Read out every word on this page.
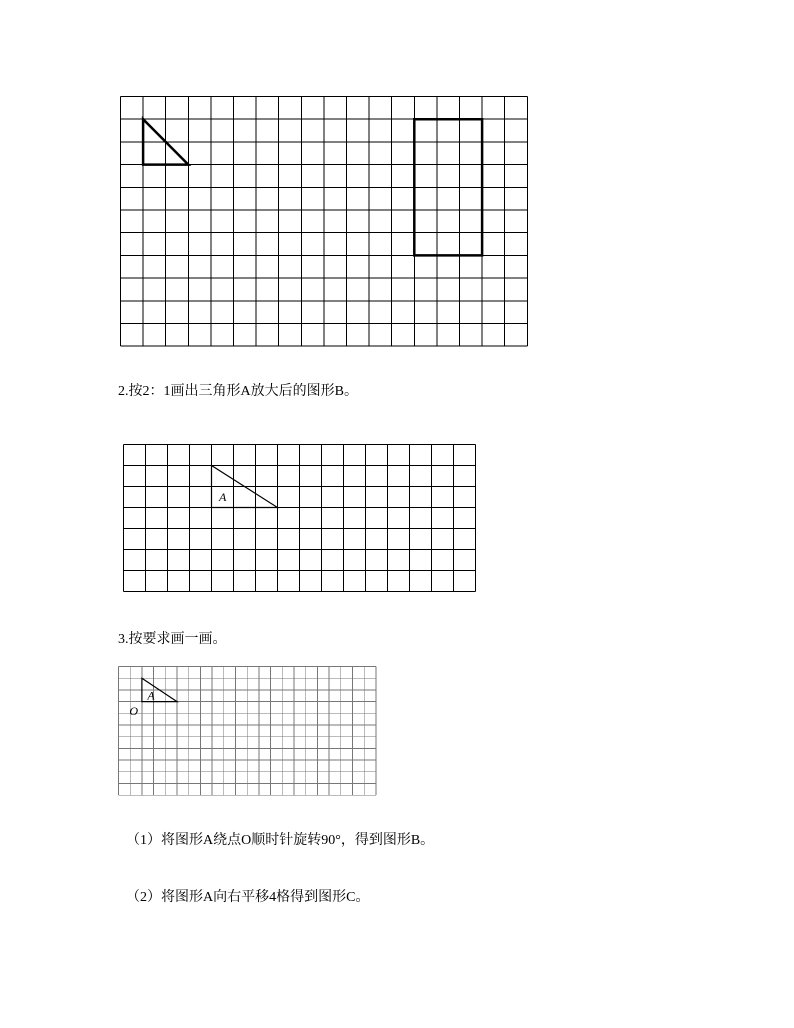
2.按2：1画出三角形A放大后的图形B。
A
3.按要求画一画。
A
O
（1）将图形A绕点O顺时针旋转90°，得到图形B。
（2）将图形A向右平移4格得到图形C。
